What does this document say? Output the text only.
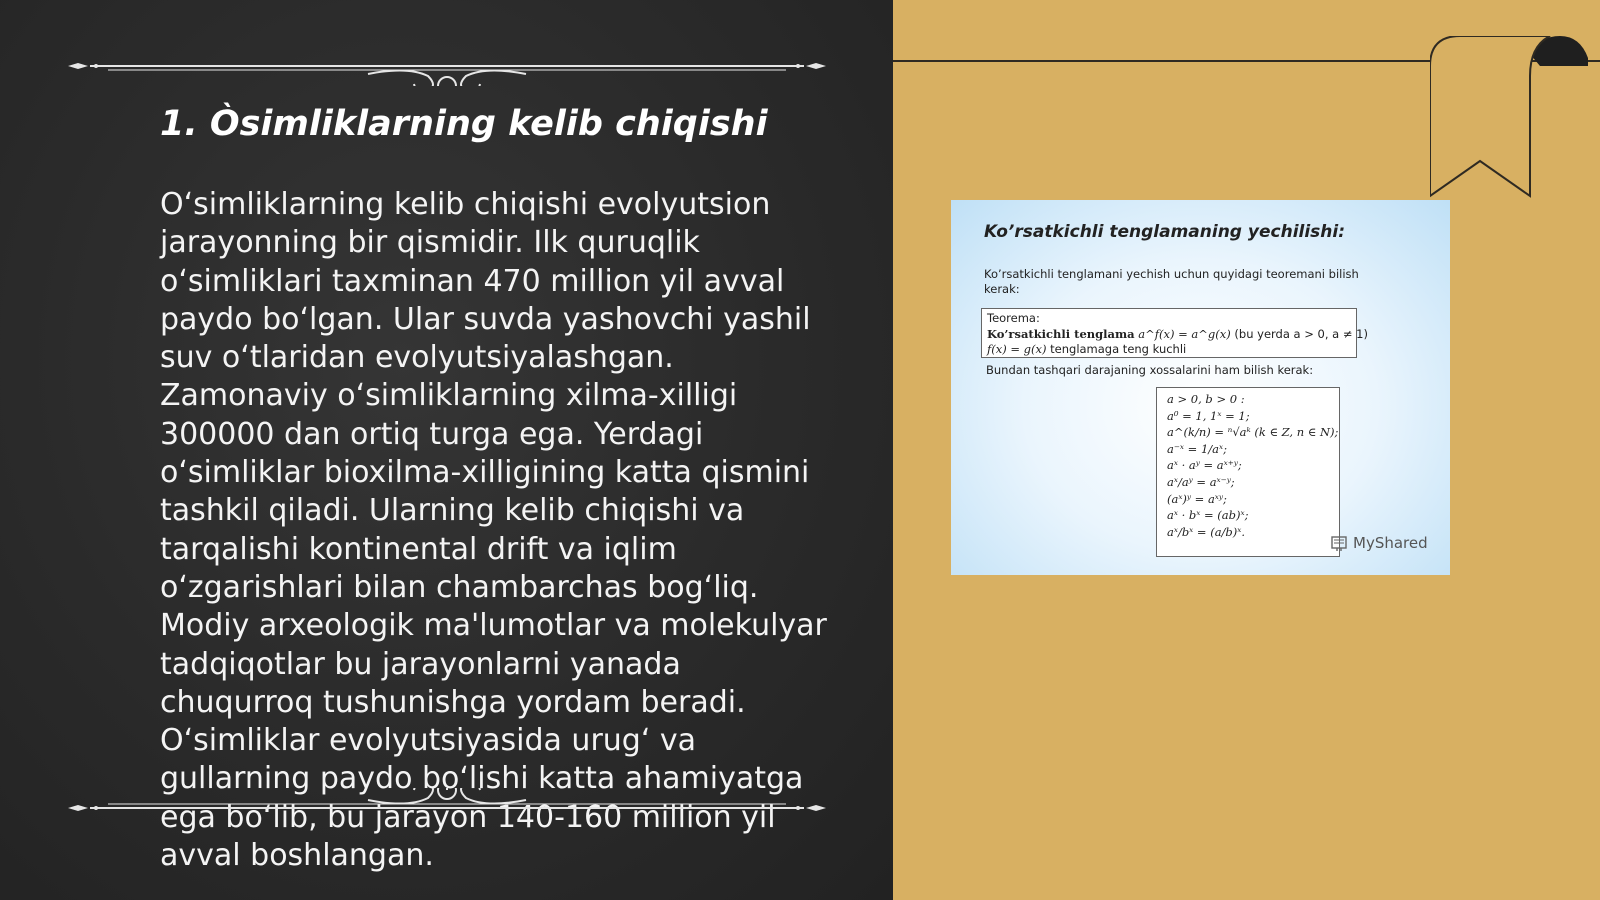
1. Òsimliklarning kelib chiqishi

O‘simliklarning kelib chiqishi evolyutsion jarayonning bir qismidir. Ilk quruqlik o‘simliklari taxminan 470 million yil avval paydo bo‘lgan. Ular suvda yashovchi yashil suv o‘tlaridan evolyutsiyalashgan. Zamonaviy o‘simliklarning xilma-xilligi 300000 dan ortiq turga ega. Yerdagi o‘simliklar bioxilma-xilligining katta qismini tashkil qiladi. Ularning kelib chiqishi va tarqalishi kontinental drift va iqlim o‘zgarishlari bilan chambarchas bog‘liq. Modiy arxeologik ma'lumotlar va molekulyar tadqiqotlar bu jarayonlarni yanada chuqurroq tushunishga yordam beradi. O‘simliklar evolyutsiyasida urug‘ va gullarning paydo bo‘lishi katta ahamiyatga ega bo‘lib, bu jarayon 140-160 million yil avval boshlangan.

Ko’rsatkichli tenglamaning yechilishi:

Ko’rsatkichli tenglamani yechish uchun quyidagi teoremani bilish kerak:

Teorema:
Ko’rsatkichli tenglama a^f(x) = a^g(x) (bu yerda a > 0, a ≠ 1)
f(x) = g(x) tenglamaga teng kuchli

Bundan tashqari darajaning xossalarini ham bilish kerak:

a > 0, b > 0 :
a⁰ = 1, 1ˣ = 1;
a^(k/n) = ⁿ√aᵏ (k ∈ Z, n ∈ N);
a⁻ˣ = 1/aˣ;
aˣ · aʸ = aˣ⁺ʸ;
aˣ/aʸ = aˣ⁻ʸ;
(aˣ)ʸ = aˣʸ;
aˣ · bˣ = (ab)ˣ;
aˣ/bˣ = (a/b)ˣ.
MyShared
